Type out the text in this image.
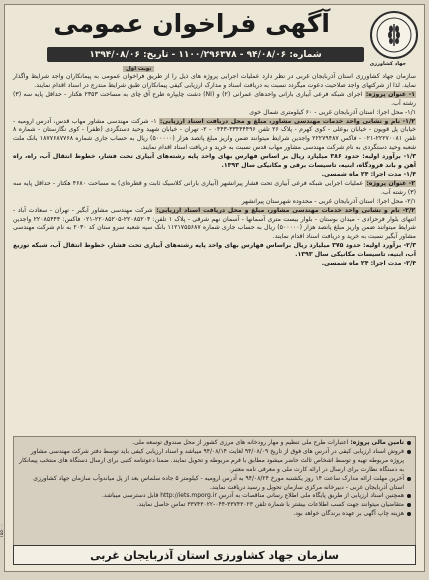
جهاد کشاورزی
آگهی فراخوان عمومی
شماره: ۹۴/۰۸/۰۶ - ۱۱۰۰/۲۹۶۳۷۸ - تاریخ: ۱۳۹۴/۰۸/۰۶
نوبت اول

سازمان جهاد کشاورزی استان آذربایجان غربی در نظر دارد عملیات اجرایی پروژه های ذیل را از طریق فراخوان عمومی به پیمانکاران واجد شرایط واگذار نماید. لذا از شرکتهای واجد صلاحیت دعوت میگردد نسبت به دریافت اسناد و مدارک ارزیابی کیفی پیمانکاران طبق شرایط مندرج در اسناد اقدام نمایند.

۱- عنوان پروژه: اجرای شبکه فرعی آبیاری بارانی واحدهای عمرانی (۲) و (NI) دشت چایپاره طرح آق چای به مساحت ۲۳۵۳ هکتار - حداقل پایه سه (۳) رشته آب.

۱/۱- محل اجرا: استان آذربایجان غربی - ۶۰ کیلومتری شمال خوی

۱/۲- نام و نشانی واحد خدمات مهندسی مشاور، مبلغ و محل دریافت اسناد ارزیابی: ۱- شرکت مهندسی مشاور مهاب قدس، آدرس ارومیه - خیابان پل قویون - خیابان بوعلی - کوی کهرم - پلاک ۲۶ تلفن ۳۳۴۴۴۴۹۶-۰۴۴۳ - ۲- تهران - خیابان شهید وحید دستگردی (ظفر) - کوی نگارستان - شماره ۸ تلفن ۲۲۲۷۰۰۸۱-۰۲۱ - فاکس ۲۲۲۷۹۴۸۷ واجدین شرایط میتوانند ضمن واریز مبلغ پانصد هزار (۵۰۰۰۰۰) ریال به حساب جاری شماره ۱۸۷۷۶۸۷۷۶۸ بانک ملت شعبه وحید دستگردی به نام شرکت مهندسی مشاور مهاب قدس نسبت به خرید و دریافت اسناد اقدام نمایند.

۱/۳- برآورد اولیه: حدود ۳۸۶ میلیارد ریال بر اساس فهارس بهای واحد پایه رشته‌های آبیاری تحت فشار، خطوط انتقال آب، راه، راه آهن و باند فرودگاه، ابنیه، تاسیسات برقی و مکانیکی سال ۱۳۹۳.

۱/۴- مدت اجرا: ۲۴ ماه شمسی.

۲- عنوان پروژه: عملیات اجرایی شبکه فرعی آبیاری تحت فشار پیرانشهر (آبیاری بارانی کلاسیک ثابت و قطره‌ای) به مساحت ۴۶۸۰ هکتار - حداقل پایه سه (۳) رشته آب.

۲/۱- محل اجرا: استان آذربایجان غربی - محدوده شهرستان پیرانشهر

۲/۲- نام و نشانی واحد خدمات مهندسی مشاور، مبلغ و محل دریافت اسناد ارزیابی: شرکت مهندسی مشاور آبگیر - تهران - سعادت آباد - انتهای بلوار فرحزادی - میدان بوستان - بلوار بیست متری آسمانها - آسمان نهم شرقی - پلاک ۱ تلفن: ۲۲۰۸۵۲۰۴-۲۲۰۸۵۲۰۵-۰۲۱ فاکس: ۲۲۰۸۵۴۴۴ واجدین شرایط میتوانند ضمن واریز مبلغ پانصد هزار (۵۰۰۰۰۰) ریال به حساب جاری شماره ۱۱۲۱۷۵۵۶۸۷ بانک سپه شعبه سرو ستان کد ۲۰۳۰ به نام شرکت مهندسی مشاور آبگیر نسبت به خرید و دریافت اسناد اقدام نمایند.

۲/۳- برآورد اولیه: حدود ۳۷۵ میلیارد ریال براساس فهارس بهای واحد پایه رشته‌های آبیاری تحت فشار، خطوط انتقال آب، شبکه توزیع آب، ابنیه، تاسیسات مکانیکی سال ۱۳۹۳.

۲/۴- مدت اجرا: ۲۴ ماه شمسی.

تامین مالی پروژه:اعتبارات طرح ملی تنظیم و مهار رودخانه های مرزی کشور از محل صندوق توسعه ملی.
فروش اسناد ارزیابی کیفی در آدرس های فوق از تاریخ ۹۴/۰۸/۰۹ لغایت ۹۴/۰۸/۱۴ میباشد و اسناد ارزیابی کیفی باید توسط دفتر شرکت مهندسی مشاور پروژه مربوطه تهیه و توسط اشخاص ثالث حاضر میشود مطابق با فرم مربوطه و تحویل نمایند. ضمنا دعوتنامه کتبی برای ارسال دستگاه های منتخب پیمانکار به دستگاه نظارت برای ارسال در ارائه کارت ملی و معرفی نامه معتبر.
آخرین مهلت ارائه مدارک ساعت ۱۴ روز یکشنبه مورخ ۹۴/۰۸/۲۴ به آدرس ارومیه - کیلومتر ۵ جاده سلماس بعد از پل میاندوآب سازمان جهاد کشاورزی استان آذربایجان غربی - دبیرخانه مرکزی سازمان تحویل و رسید دریافت نمایند.
همچنین اسناد ارزیابی از طریق پایگاه ملی اطلاع رسانی مناقصات به آدرس http://iets.mporg.ir قابل دسترسی میباشد.
متقاضیان میتوانند جهت کسب اطلاعات بیشتر با شماره تلفن ۳۳۷۴۳۰۲۳-۰۴۴-۳۳۷۴۳۰۲۲ تماس حاصل نمایند.
هزینه چاپ آگهی بر عهده برندگان خواهد بود.
سازمان جهاد کشاورزی استان آذربایجان غربی
۱۵۵۰۰۰
